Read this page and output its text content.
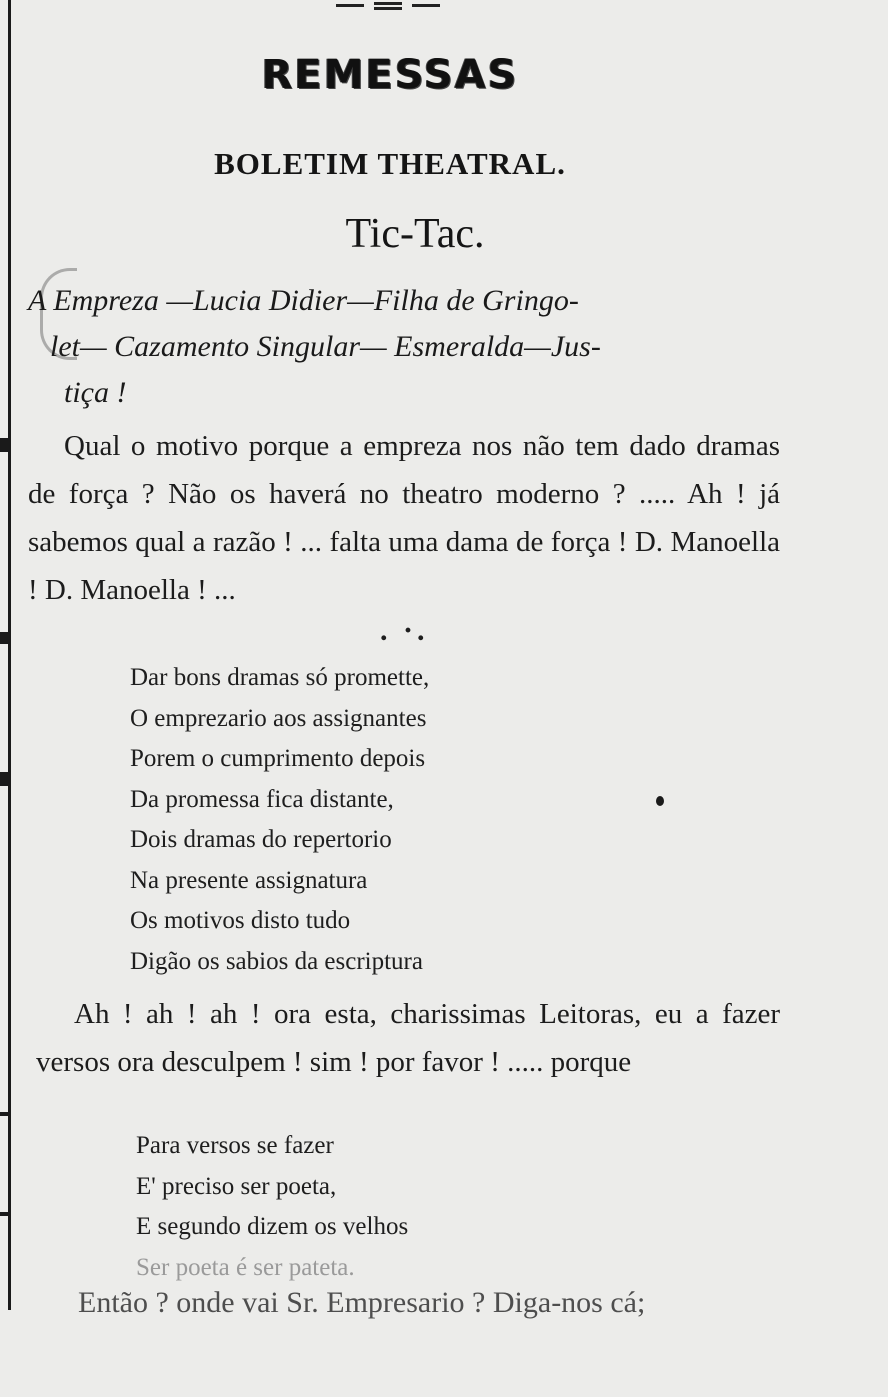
REMESSAS
BOLETIM THEATRAL.
Tic-Tac.
A Empreza —Lucia Didier—Filha de Gringo-
let— Cazamento Singular— Esmeralda—Jus-
tiça !
Qual o motivo porque a empreza nos não tem dado dramas de força ? Não os haverá no theatro moderno ? ..... Ah ! já sabemos qual a razão ! ... falta uma dama de força ! D. Manoella ! D. Manoella ! ...
. ·.
Dar bons dramas só promette,
O emprezario aos assignantes
Porem o cumprimento depois
Da promessa fica distante,
Dois dramas do repertorio
Na presente assignatura
Os motivos disto tudo
Digão os sabios da escriptura
Ah ! ah ! ah ! ora esta, charissimas Leitoras, eu a fazer versos ora desculpem ! sim ! por favor ! ..... porque
Para versos se fazer
E' preciso ser poeta,
E segundo dizem os velhos
Ser poeta é ser pateta.
Então ? onde vai Sr. Empresario ? Diga-nos cá;
